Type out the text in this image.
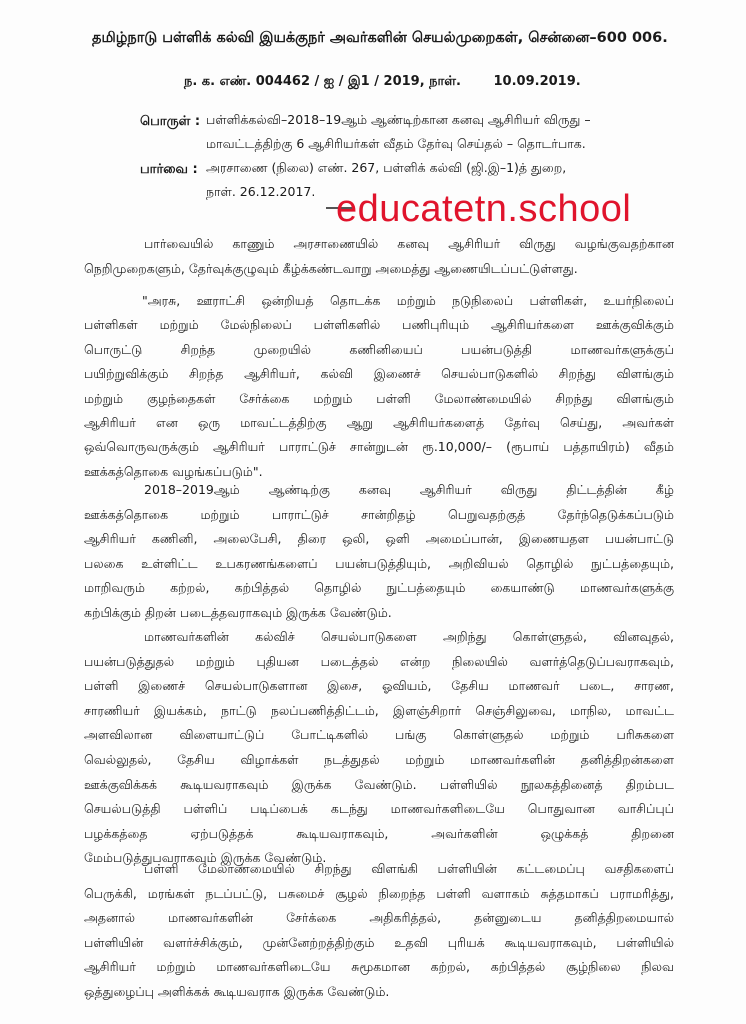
தமிழ்நாடு பள்ளிக் கல்வி இயக்குநர் அவர்களின் செயல்முறைகள், சென்னை–600 006.
ந. க. எண். 004462 / ஐ / இ1 / 2019, நாள்.	10.09.2019.
பொருள் : பள்ளிக்கல்வி–2018–19ஆம் ஆண்டிற்கான கனவு ஆசிரியர் விருது –
மாவட்டத்திற்கு 6 ஆசிரியர்கள் வீதம் தேர்வு செய்தல் – தொடர்பாக.
பார்வை : அரசாணை (நிலை) எண். 267, பள்ளிக் கல்வி (ஜி.இ–1)த் துறை,
நாள். 26.12.2017.
பார்வையில் காணும் அரசாணையில் கனவு ஆசிரியர் விருது வழங்குவதற்கான
நெறிமுறைகளும், தேர்வுக்குழுவும் கீழ்க்கண்டவாறு அமைத்து ஆணையிடப்பட்டுள்ளது.
educatetn.school
"அரசு, ஊராட்சி ஒன்றியத் தொடக்க மற்றும் நடுநிலைப் பள்ளிகள், உயர்நிலைப்
பள்ளிகள் மற்றும் மேல்நிலைப் பள்ளிகளில் பணிபுரியும் ஆசிரியர்களை ஊக்குவிக்கும்
பொருட்டு சிறந்த முறையில் கணினியைப் பயன்படுத்தி மாணவர்களுக்குப்
பயிற்றுவிக்கும் சிறந்த ஆசிரியர், கல்வி இணைச் செயல்பாடுகளில் சிறந்து விளங்கும்
மற்றும் குழந்தைகள் சேர்க்கை மற்றும் பள்ளி மேலாண்மையில் சிறந்து விளங்கும்
ஆசிரியர் என ஒரு மாவட்டத்திற்கு ஆறு ஆசிரியர்களைத் தேர்வு செய்து, அவர்கள்
ஒவ்வொருவருக்கும் ஆசிரியர் பாராட்டுச் சான்றுடன் ரூ.10,000/– (ரூபாய் பத்தாயிரம்) வீதம்
ஊக்கத்தொகை வழங்கப்படும்".
2018–2019ஆம் ஆண்டிற்கு கனவு ஆசிரியர் விருது திட்டத்தின் கீழ்
ஊக்கத்தொகை மற்றும் பாராட்டுச் சான்றிதழ் பெறுவதற்குத் தேர்ந்தெடுக்கப்படும்
ஆசிரியர் கணினி, அலைபேசி, திரை ஒலி, ஒளி அமைப்பான், இணையதள பயன்பாட்டு
பலகை உள்ளிட்ட உபகரணங்களைப் பயன்படுத்தியும், அறிவியல் தொழில் நுட்பத்தையும்,
மாறிவரும் கற்றல், கற்பித்தல் தொழில் நுட்பத்தையும் கையாண்டு மாணவர்களுக்கு
கற்பிக்கும் திறன் படைத்தவராகவும் இருக்க வேண்டும்.
மாணவர்களின் கல்விச் செயல்பாடுகளை அறிந்து கொள்ளுதல், வினவுதல்,
பயன்படுத்துதல் மற்றும் புதியன படைத்தல் என்ற நிலையில் வளர்த்தெடுப்பவராகவும்,
பள்ளி இணைச் செயல்பாடுகளான இசை, ஓவியம், தேசிய மாணவர் படை, சாரண,
சாரணியர் இயக்கம், நாட்டு நலப்பணித்திட்டம், இளஞ்சிறார் செஞ்சிலுவை, மாநில, மாவட்ட
அளவிலான விளையாட்டுப் போட்டிகளில் பங்கு கொள்ளுதல் மற்றும் பரிசுகளை
வெல்லுதல், தேசிய விழாக்கள் நடத்துதல் மற்றும் மாணவர்களின் தனித்திறன்களை
ஊக்குவிக்கக் கூடியவராகவும் இருக்க வேண்டும். பள்ளியில் நூலகத்தினைத் திறம்பட
செயல்படுத்தி பள்ளிப் படிப்பைக் கடந்து மாணவர்களிடையே பொதுவான வாசிப்புப்
பழக்கத்தை ஏற்படுத்தக் கூடியவராகவும், அவர்களின் ஒழுக்கத் திறனை
மேம்படுத்துபவராகவும் இருக்க வேண்டும்.
பள்ளி மேலாண்மையில் சிறந்து விளங்கி பள்ளியின் கட்டமைப்பு வசதிகளைப்
பெருக்கி, மரங்கள் நடப்பட்டு, பசுமைச் சூழல் நிறைந்த பள்ளி வளாகம் சுத்தமாகப் பராமரித்து,
அதனால் மாணவர்களின் சேர்க்கை அதிகரித்தல், தன்னுடைய தனித்திறமையால்
பள்ளியின் வளர்ச்சிக்கும், முன்னேற்றத்திற்கும் உதவி புரியக் கூடியவராகவும், பள்ளியில்
ஆசிரியர் மற்றும் மாணவர்களிடையே சுமூகமான கற்றல், கற்பித்தல் சூழ்நிலை நிலவ
ஒத்துழைப்பு அளிக்கக் கூடியவராக இருக்க வேண்டும்.
